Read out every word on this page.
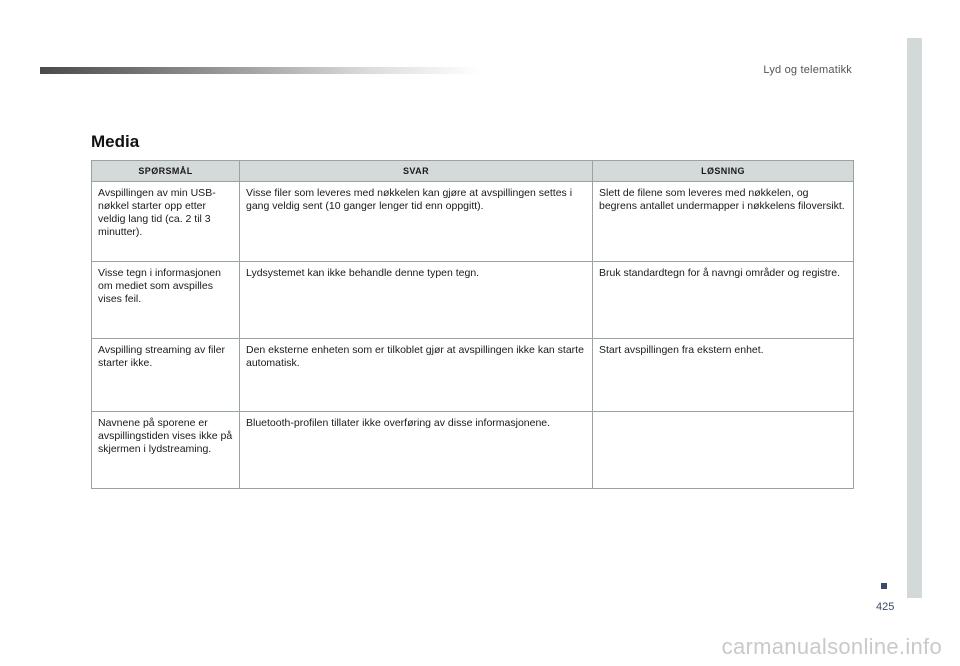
Lyd og telematikk
Media
SPØRSMÅL	SVAR	LØSNING
Avspillingen av min USB-nøkkel starter opp etter veldig lang tid (ca. 2 til 3 minutter).	Visse filer som leveres med nøkkelen kan gjøre at avspillingen settes i gang veldig sent (10 ganger lenger tid enn oppgitt).	Slett de filene som leveres med nøkkelen, og begrens antallet undermapper i nøkkelens filoversikt.
Visse tegn i informasjonen om mediet som avspilles vises feil.	Lydsystemet kan ikke behandle denne typen tegn.	Bruk standardtegn for å navngi områder og registre.
Avspilling streaming av filer starter ikke.	Den eksterne enheten som er tilkoblet gjør at avspillingen ikke kan starte automatisk.	Start avspillingen fra ekstern enhet.
Navnene på sporene er avspillingstiden vises ikke på skjermen i lydstreaming.	Bluetooth-profilen tillater ikke overføring av disse informasjonene.	
425
carmanualsonline.info
